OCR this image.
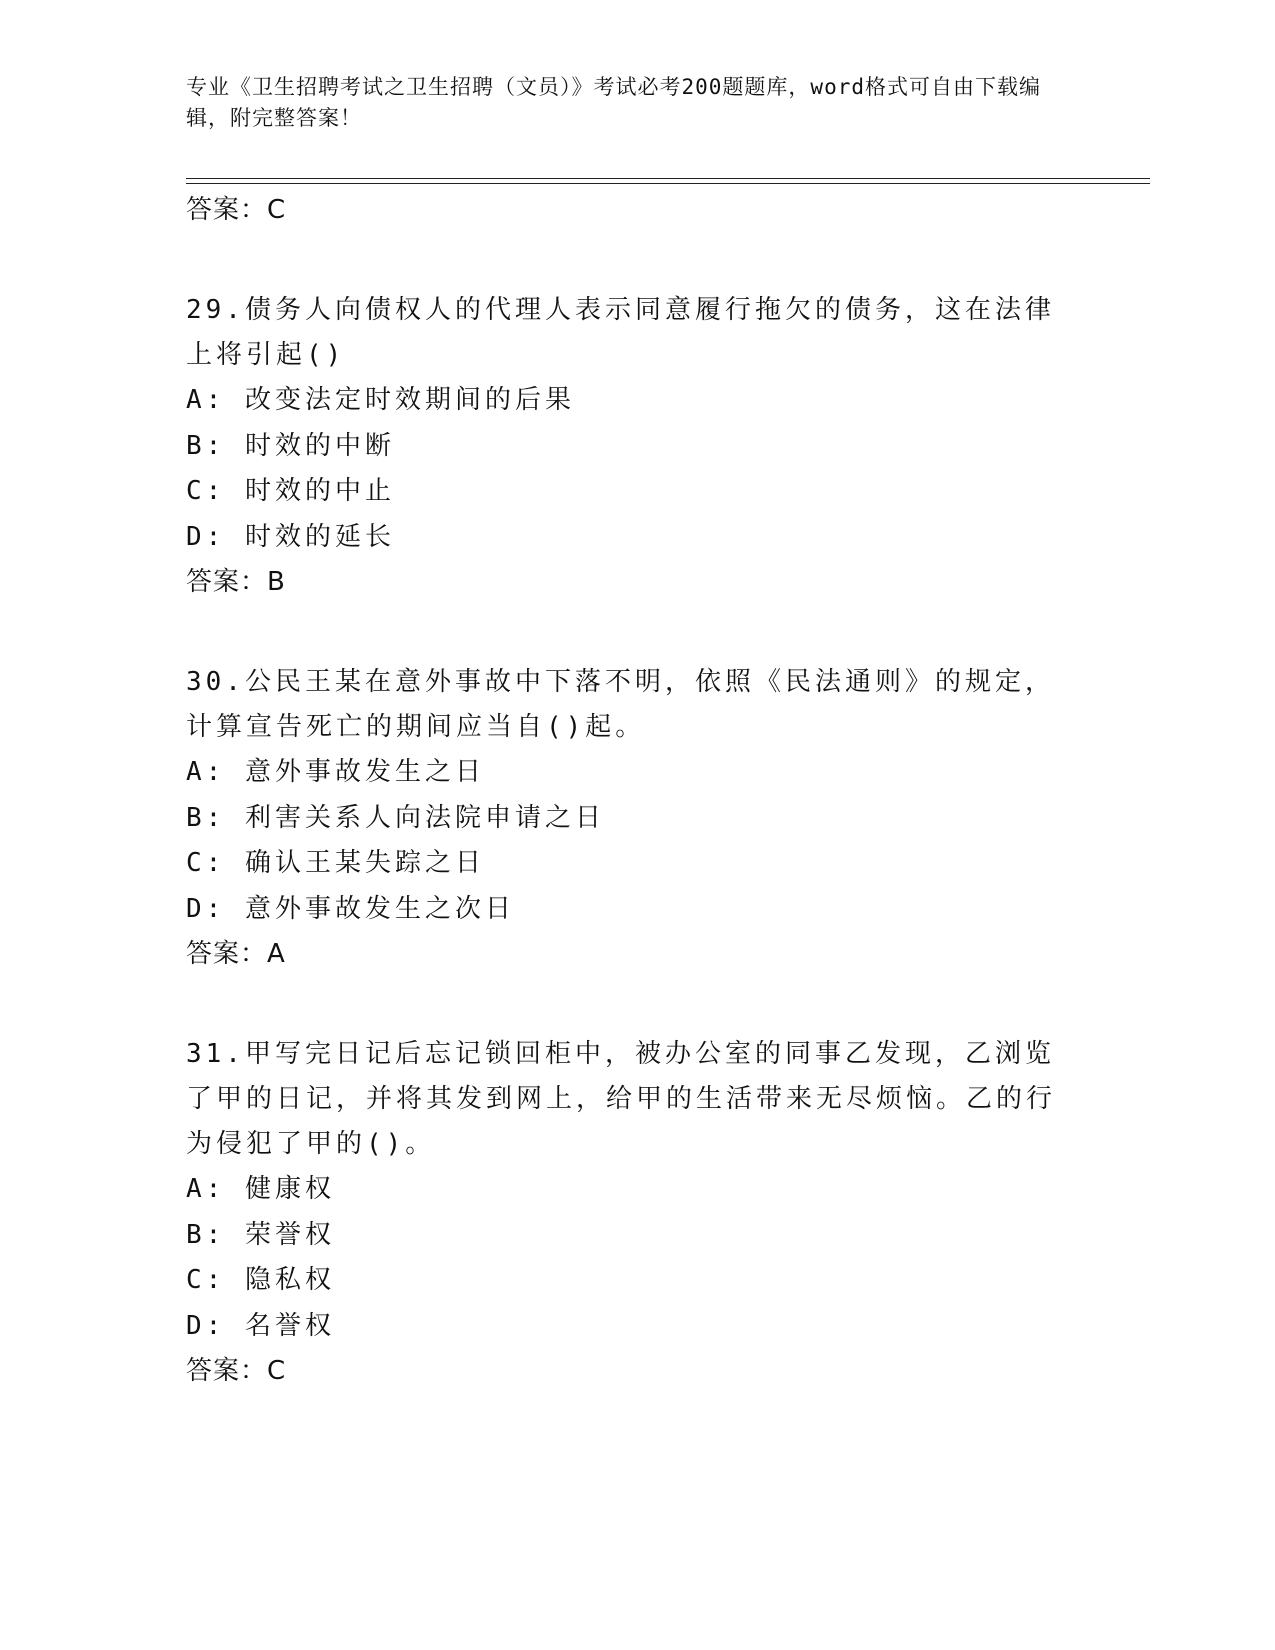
专业《卫生招聘考试之卫生招聘（文员）》考试必考200题题库，word格式可自由下载编辑，附完整答案！
答案：C
29.债务人向债权人的代理人表示同意履行拖欠的债务，这在法律上将引起()
A: 改变法定时效期间的后果
B: 时效的中断
C: 时效的中止
D: 时效的延长
答案：B
30.公民王某在意外事故中下落不明，依照《民法通则》的规定，计算宣告死亡的期间应当自()起。
A: 意外事故发生之日
B: 利害关系人向法院申请之日
C: 确认王某失踪之日
D: 意外事故发生之次日
答案：A
31.甲写完日记后忘记锁回柜中，被办公室的同事乙发现，乙浏览了甲的日记，并将其发到网上，给甲的生活带来无尽烦恼。乙的行为侵犯了甲的()。
A: 健康权
B: 荣誉权
C: 隐私权
D: 名誉权
答案：C
